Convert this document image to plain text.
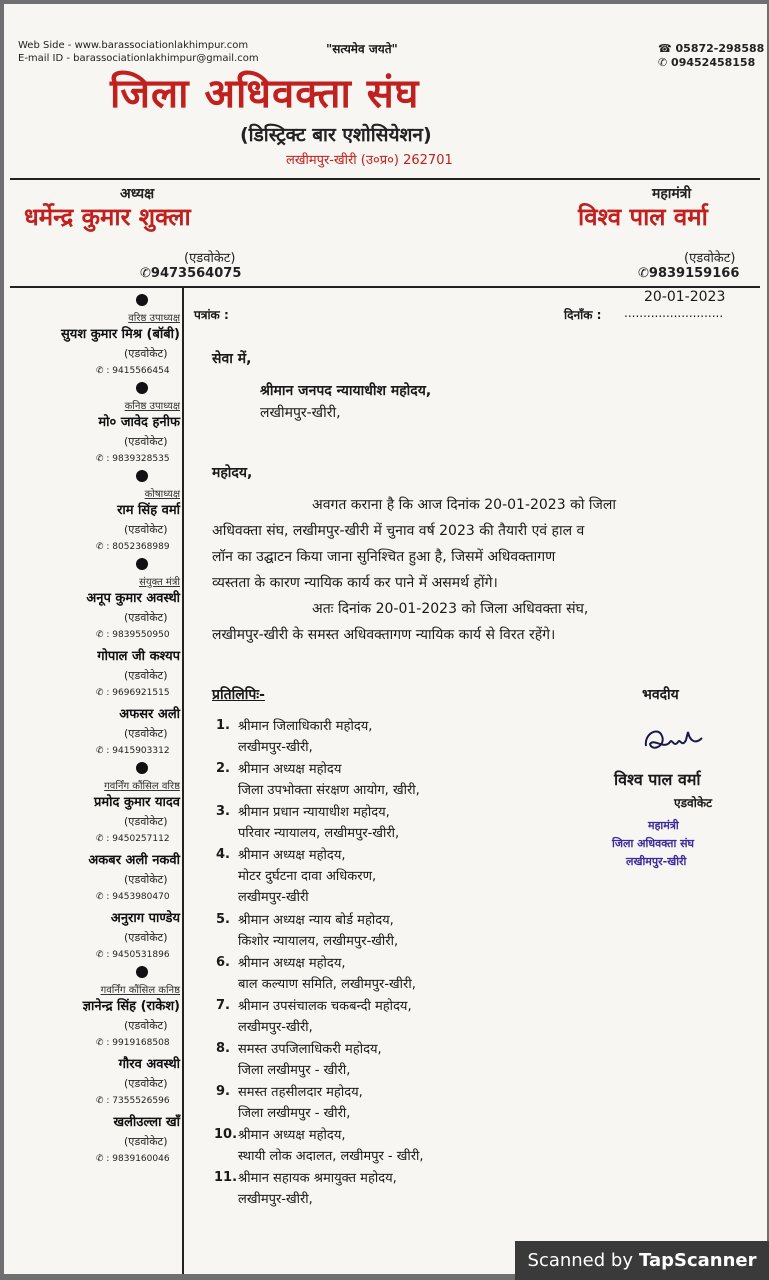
Web Side - www.barassociationlakhimpur.com
E-mail ID - barassociationlakhimpur@gmail.com
"सत्यमेव जयते"	☎ 05872-298588
✆ 09452458158
जिला अधिवक्ता संघ
(डिस्ट्रिक्ट बार एशोसियेशन)
लखीमपुर-खीरी (उ०प्र०) 262701
अध्यक्ष
धर्मेन्द्र कुमार शुक्ला
(एडवोकेट)
✆9473564075
महामंत्री
विश्व पाल वर्मा
(एडवोकेट)
✆9839159166
पत्रांक :	दिनाँक : ..........................
20-01-2023
सेवा में,
श्रीमान जनपद न्यायाधीश महोदय,
लखीमपुर-खीरी,
महोदय,
अवगत कराना है कि आज दिनांक 20-01-2023 को जिला
अधिवक्ता संघ, लखीमपुर-खीरी में चुनाव वर्ष 2023 की तैयारी एवं हाल व
लॉन का उद्घाटन किया जाना सुनिश्चित हुआ है, जिसमें अधिवक्तागण
व्यस्तता के कारण न्यायिक कार्य कर पाने में असमर्थ होंगे।
अतः दिनांक 20-01-2023 को जिला अधिवक्ता संघ,
लखीमपुर-खीरी के समस्त अधिवक्तागण न्यायिक कार्य से विरत रहेंगे।
प्रतिलिपिः-	भवदीय
विश्व पाल वर्मा
एडवोकेट
महामंत्री
जिला अधिवक्ता संघ
लखीमपुर-खीरी
वरिष्ठ उपाध्यक्ष
सुयश कुमार मिश्र (बॉबी)
(एडवोकेट)
✆ : 9415566454
कनिष्ठ उपाध्यक्ष
मो० जावेद हनीफ
(एडवोकेट)
✆ : 9839328535
कोषाध्यक्ष
राम सिंह वर्मा
(एडवोकेट)
✆ : 8052368989
संयुक्त मंत्री
अनूप कुमार अवस्थी
(एडवोकेट)
✆ : 9839550950
गोपाल जी कश्यप
(एडवोकेट)
✆ : 9696921515
अफसर अली
(एडवोकेट)
✆ : 9415903312
गवर्निंग कौंसिल वरिष्ठ
प्रमोद कुमार यादव
(एडवोकेट)
✆ : 9450257112
अकबर अली नकवी
(एडवोकेट)
✆ : 9453980470
अनुराग पाण्डेय
(एडवोकेट)
✆ : 9450531896
गवर्निंग कौंसिल कनिष्ठ
ज्ञानेन्द्र सिंह (राकेश)
(एडवोकेट)
✆ : 9919168508
गौरव अवस्थी
(एडवोकेट)
✆ : 7355526596
खलीउल्ला खाँ
(एडवोकेट)
✆ : 9839160046
1. श्रीमान जिलाधिकारी महोदय,
लखीमपुर-खीरी,
2. श्रीमान अध्यक्ष महोदय
जिला उपभोक्ता संरक्षण आयोग, खीरी,
3. श्रीमान प्रधान न्यायाधीश महोदय,
परिवार न्यायालय, लखीमपुर-खीरी,
4. श्रीमान अध्यक्ष महोदय,
मोटर दुर्घटना दावा अधिकरण,
लखीमपुर-खीरी
5. श्रीमान अध्यक्ष न्याय बोर्ड महोदय,
किशोर न्यायालय, लखीमपुर-खीरी,
6. श्रीमान अध्यक्ष महोदय,
बाल कल्याण समिति, लखीमपुर-खीरी,
7. श्रीमान उपसंचालक चकबन्दी महोदय,
लखीमपुर-खीरी,
8. समस्त उपजिलाधिकरी महोदय,
जिला लखीमपुर - खीरी,
9. समस्त तहसीलदार महोदय,
जिला लखीमपुर - खीरी,
10. श्रीमान अध्यक्ष महोदय,
स्थायी लोक अदालत, लखीमपुर - खीरी,
11. श्रीमान सहायक श्रमायुक्त महोदय,
लखीमपुर-खीरी,
Scanned by TapScanner
